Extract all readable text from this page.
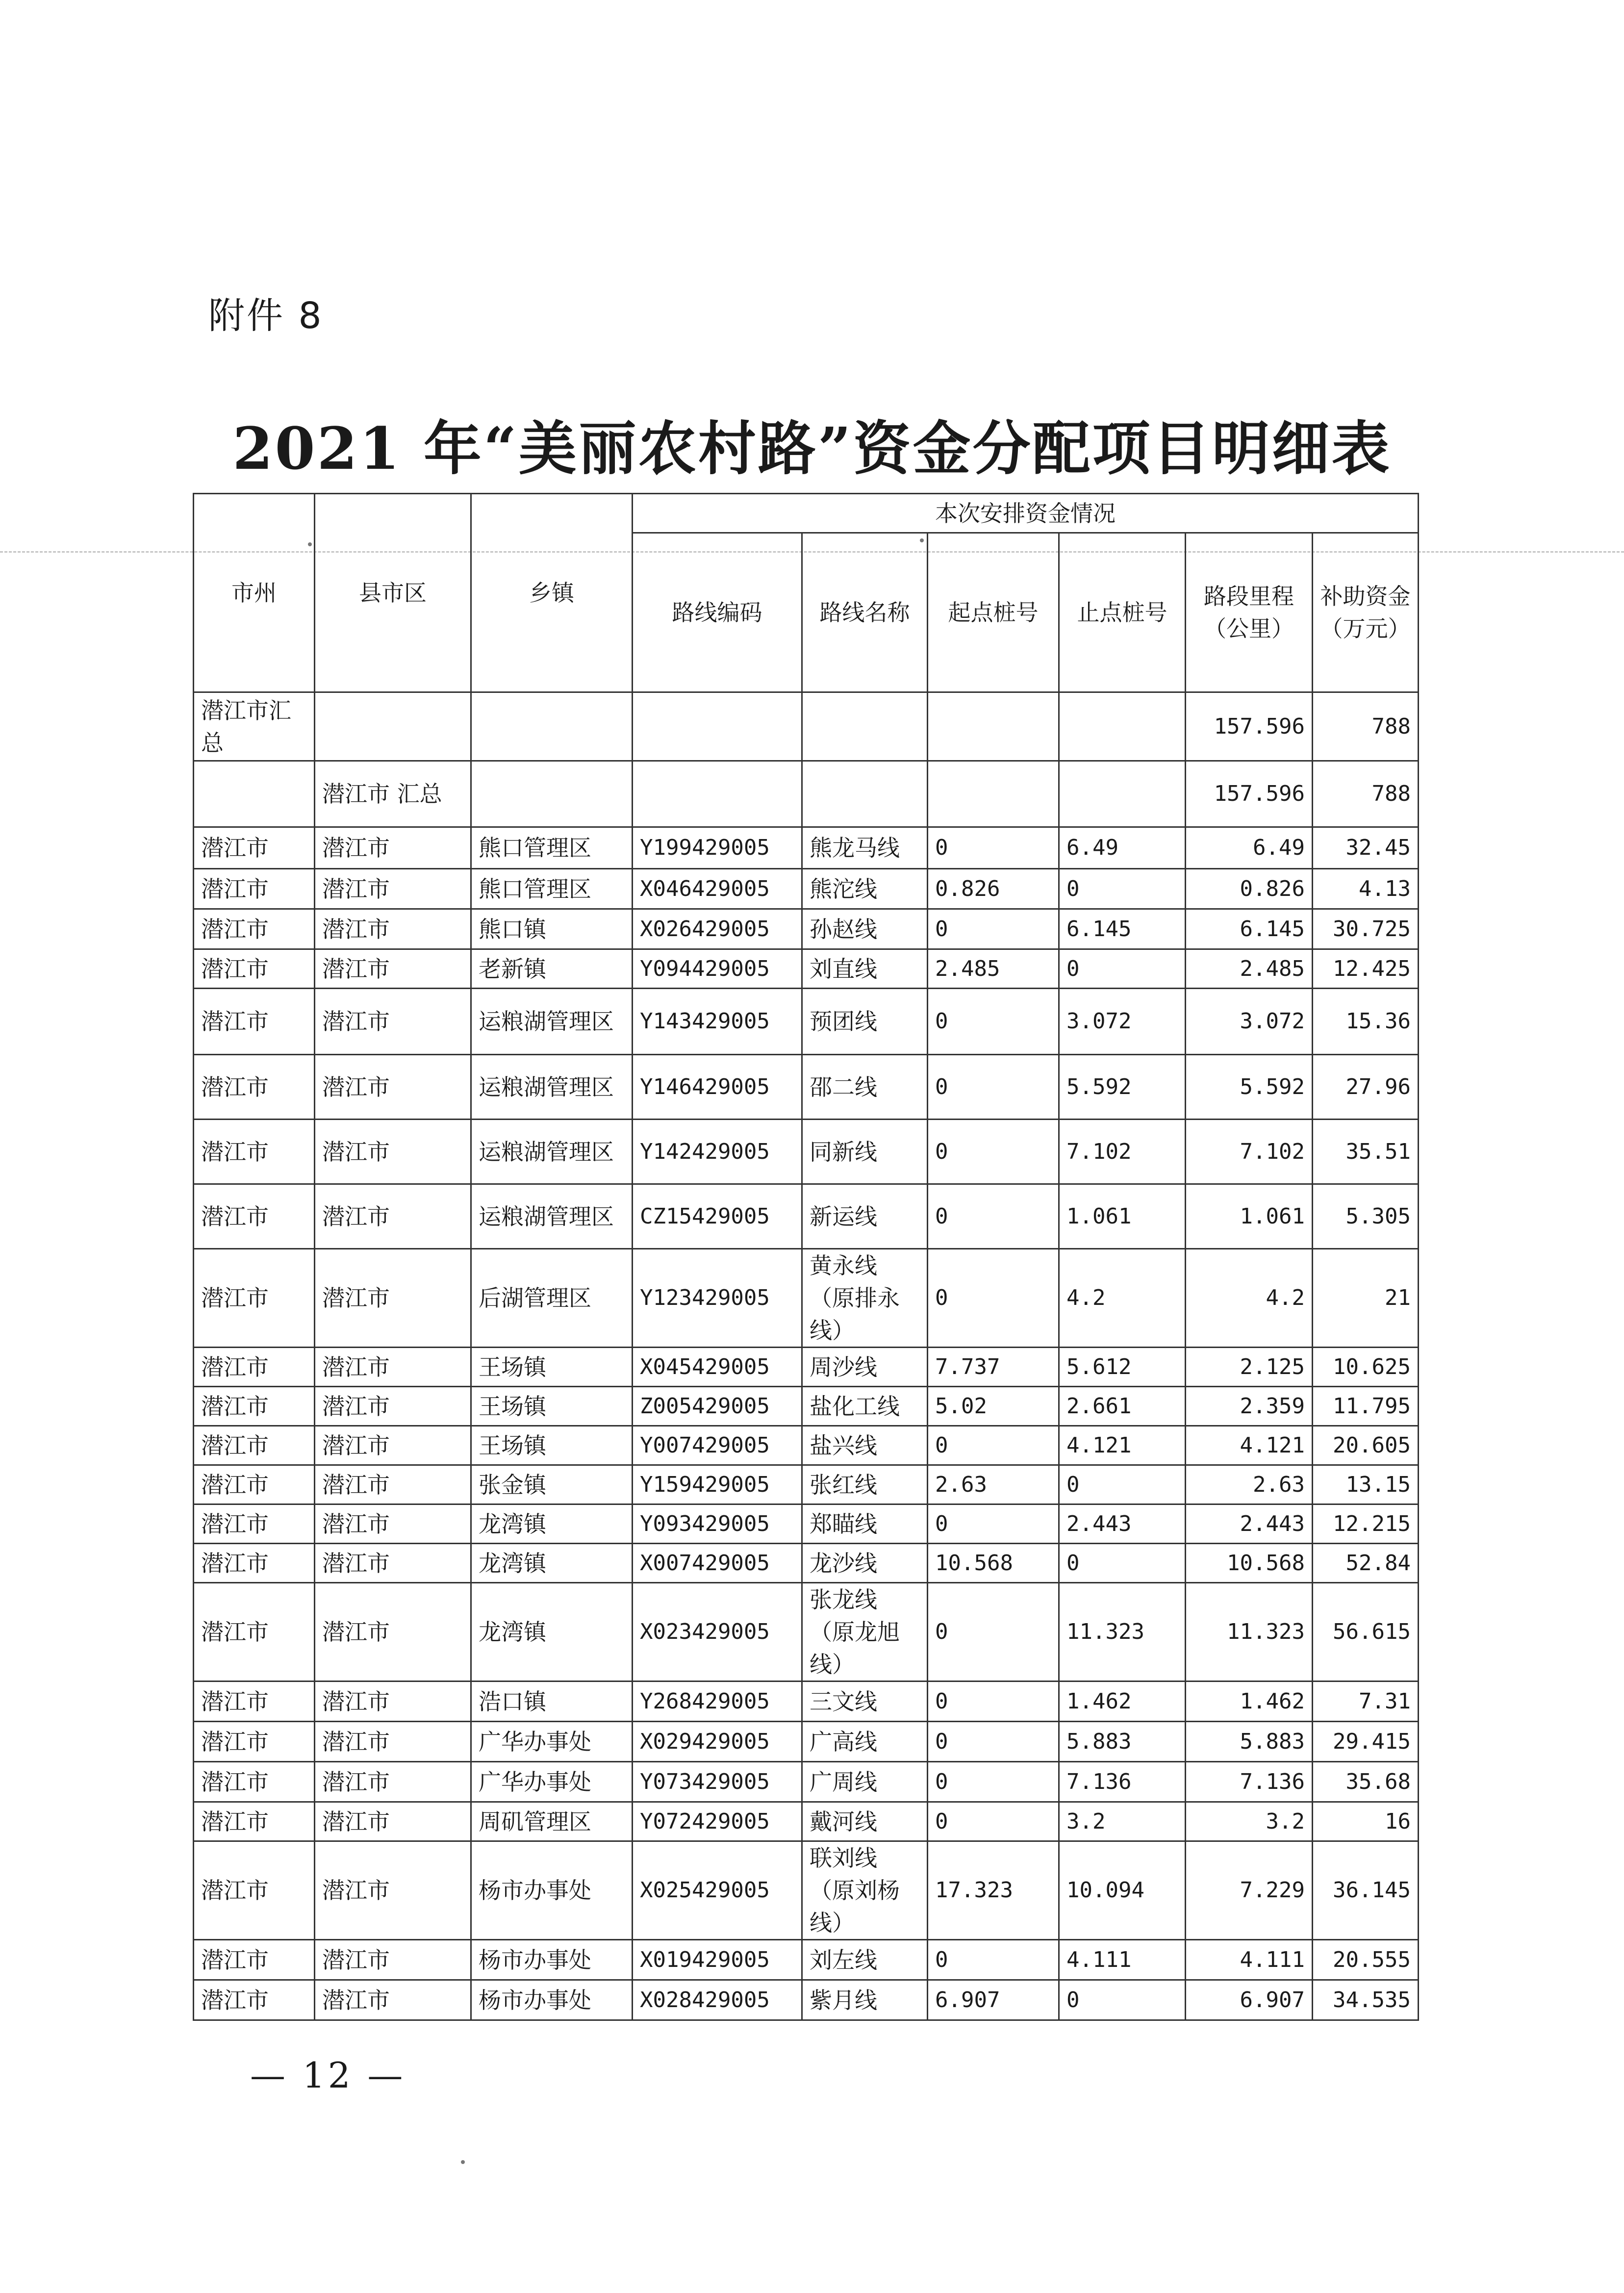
附件 8
2021 年“美丽农村路”资金分配项目明细表
市州	县市区	乡镇	本次安排资金情况					
			路线编码	路线名称	起点桩号	止点桩号	路段里程（公里）	补助资金（万元）
潜江市汇总							157.596	788
	潜江市 汇总						157.596	788
潜江市	潜江市	熊口管理区	Y199429005	熊龙马线	0	6.49	6.49	32.45
潜江市	潜江市	熊口管理区	X046429005	熊沱线	0.826	0	0.826	4.13
潜江市	潜江市	熊口镇	X026429005	孙赵线	0	6.145	6.145	30.725
潜江市	潜江市	老新镇	Y094429005	刘直线	2.485	0	2.485	12.425
潜江市	潜江市	运粮湖管理区	Y143429005	预团线	0	3.072	3.072	15.36
潜江市	潜江市	运粮湖管理区	Y146429005	邵二线	0	5.592	5.592	27.96
潜江市	潜江市	运粮湖管理区	Y142429005	同新线	0	7.102	7.102	35.51
潜江市	潜江市	运粮湖管理区	CZ15429005	新运线	0	1.061	1.061	5.305
潜江市	潜江市	后湖管理区	Y123429005	黄永线（原排永线）	0	4.2	4.2	21
潜江市	潜江市	王场镇	X045429005	周沙线	7.737	5.612	2.125	10.625
潜江市	潜江市	王场镇	Z005429005	盐化工线	5.02	2.661	2.359	11.795
潜江市	潜江市	王场镇	Y007429005	盐兴线	0	4.121	4.121	20.605
潜江市	潜江市	张金镇	Y159429005	张红线	2.63	0	2.63	13.15
潜江市	潜江市	龙湾镇	Y093429005	郑瞄线	0	2.443	2.443	12.215
潜江市	潜江市	龙湾镇	X007429005	龙沙线	10.568	0	10.568	52.84
潜江市	潜江市	龙湾镇	X023429005	张龙线（原龙旭线）	0	11.323	11.323	56.615
潜江市	潜江市	浩口镇	Y268429005	三文线	0	1.462	1.462	7.31
潜江市	潜江市	广华办事处	X029429005	广高线	0	5.883	5.883	29.415
潜江市	潜江市	广华办事处	Y073429005	广周线	0	7.136	7.136	35.68
潜江市	潜江市	周矶管理区	Y072429005	戴河线	0	3.2	3.2	16
潜江市	潜江市	杨市办事处	X025429005	联刘线（原刘杨线）	17.323	10.094	7.229	36.145
潜江市	潜江市	杨市办事处	X019429005	刘左线	0	4.111	4.111	20.555
潜江市	潜江市	杨市办事处	X028429005	紫月线	6.907	0	6.907	34.535
— 12 —
